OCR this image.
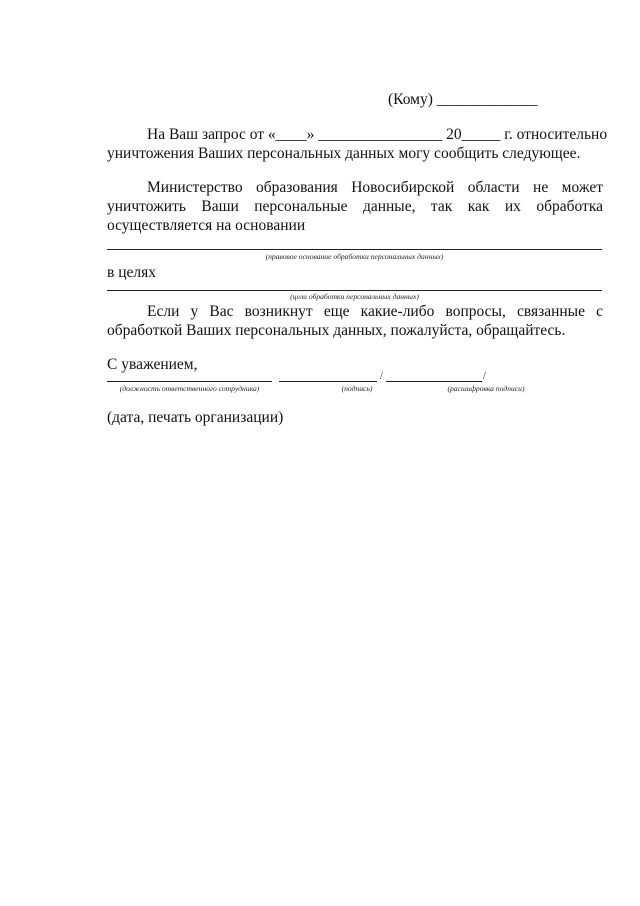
(Кому) _____________
На Ваш запрос от «____» ________________ 20_____ г. относительно
уничтожения Ваших персональных данных могу сообщить следующее.
Министерство образования Новосибирской области не может
уничтожить Ваши персональные данные, так как их обработка
осуществляется на основании
(правовое основание обработки персональных данных)
в целях
(цели обработки персональных данных)
Если у Вас возникнут еще какие-либо вопросы, связанные с
обработкой Ваших персональных данных, пожалуйста, обращайтесь.
С уважением,
/	/
(должность ответственного сотрудника)	(подпись)	(расшифровка подписи)
(дата, печать организации)
